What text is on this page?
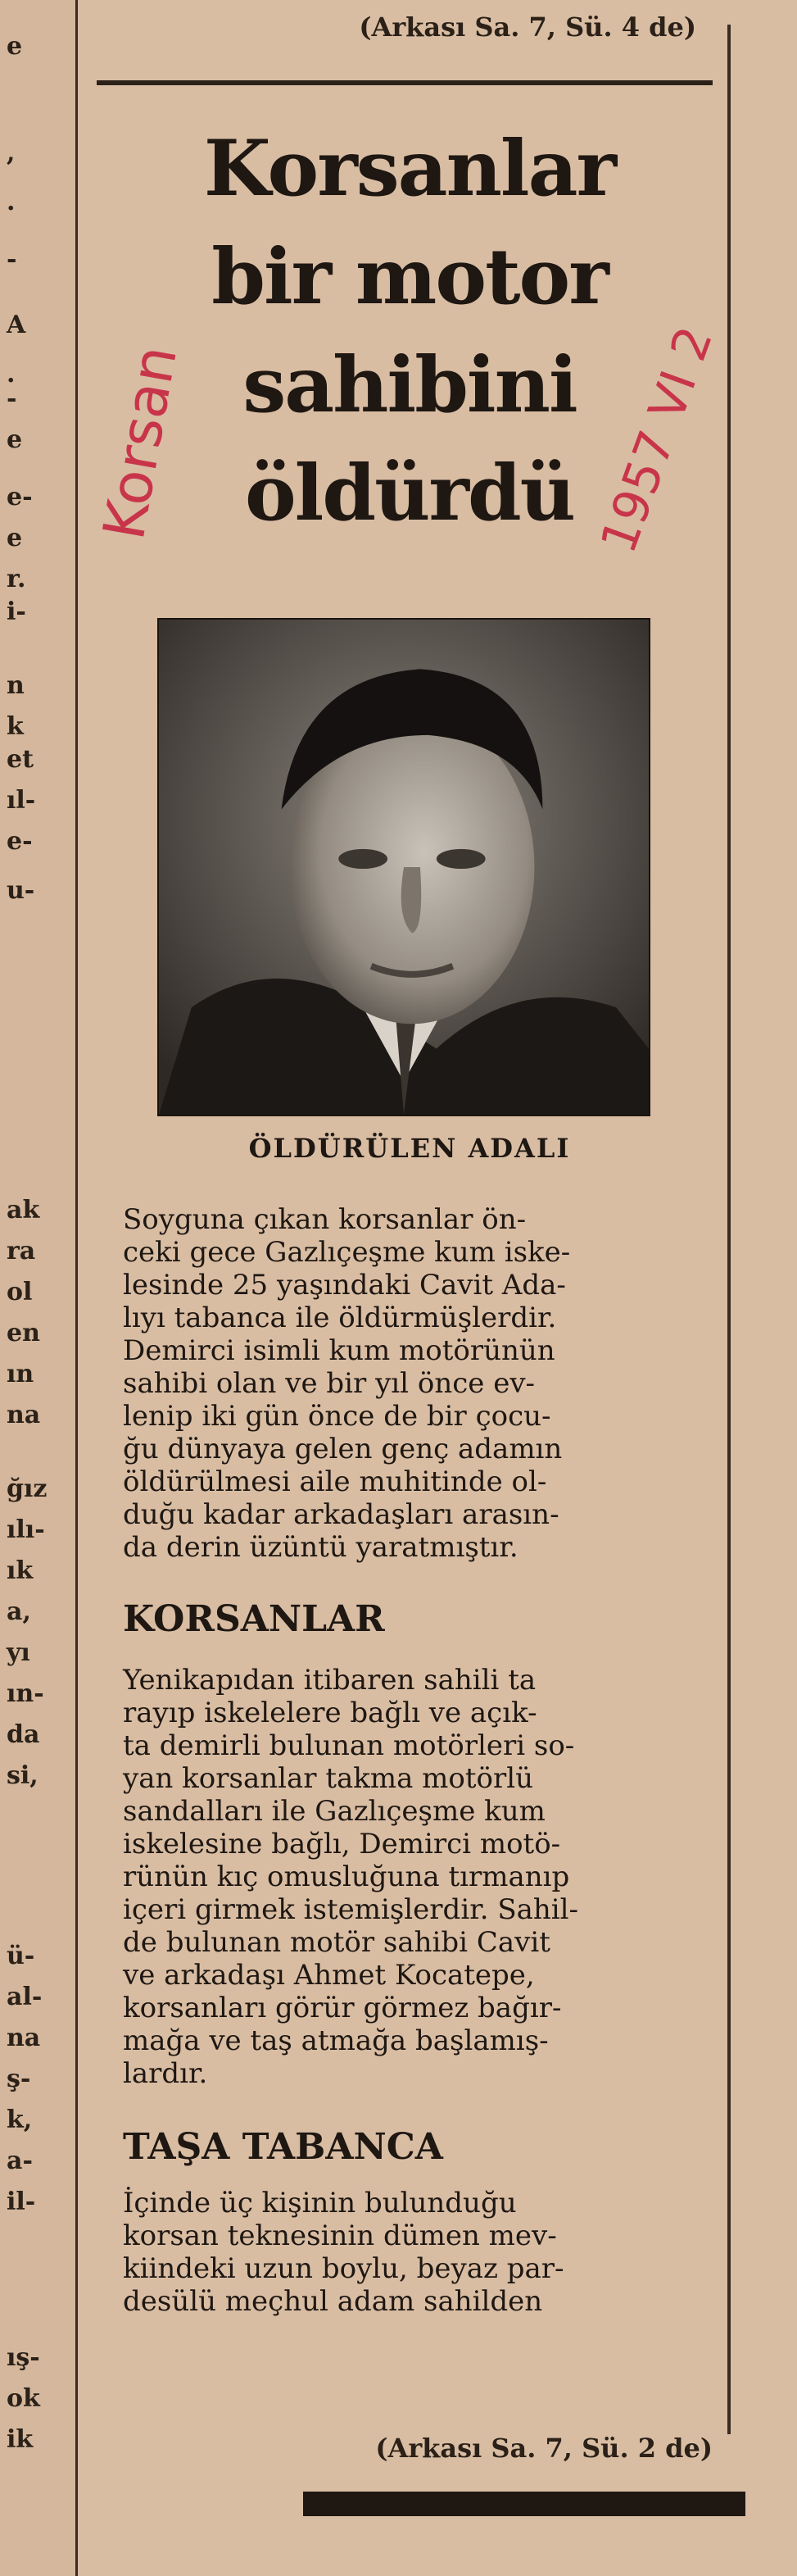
e
,
.
-
A
.
-
e
e-
e
r.
i-
n
k
et
ıl-
e-
u-
ak
ra
ol
en
ın
na
ğız
ılı-
ık
a,
yı
ın-
da
si,
ü-
al-
na
ş-
k,
a-
il-
ış-
ok
ik
(Arkası Sa. 7, Sü. 4 de)
Korsanlar
bir motor
sahibini
öldürdü
Korsan	1957 VI 2
ÖLDÜRÜLEN ADALI
Soyguna çıkan korsanlar ön-
ceki gece Gazlıçeşme kum iske-
lesinde 25 yaşındaki Cavit Ada-
lıyı tabanca ile öldürmüşlerdir.
Demirci isimli kum motörünün
sahibi olan ve bir yıl önce ev-
lenip iki gün önce de bir çocu-
ğu dünyaya gelen genç adamın
öldürülmesi aile muhitinde ol-
duğu kadar arkadaşları arasın-
da derin üzüntü yaratmıştır.
KORSANLAR
Yenikapıdan itibaren sahili ta
rayıp iskelelere bağlı ve açık-
ta demirli bulunan motörleri so-
yan korsanlar takma motörlü
sandalları ile Gazlıçeşme kum
iskelesine bağlı, Demirci motö-
rünün kıç omusluğuna tırmanıp
içeri girmek istemişlerdir. Sahil-
de bulunan motör sahibi Cavit
ve arkadaşı Ahmet Kocatepe,
korsanları görür görmez bağır-
mağa ve taş atmağa başlamış-
lardır.
TAŞA TABANCA
İçinde üç kişinin bulunduğu
korsan teknesinin dümen mev-
kiindeki uzun boylu, beyaz par-
desülü meçhul adam sahilden
(Arkası Sa. 7, Sü. 2 de)
